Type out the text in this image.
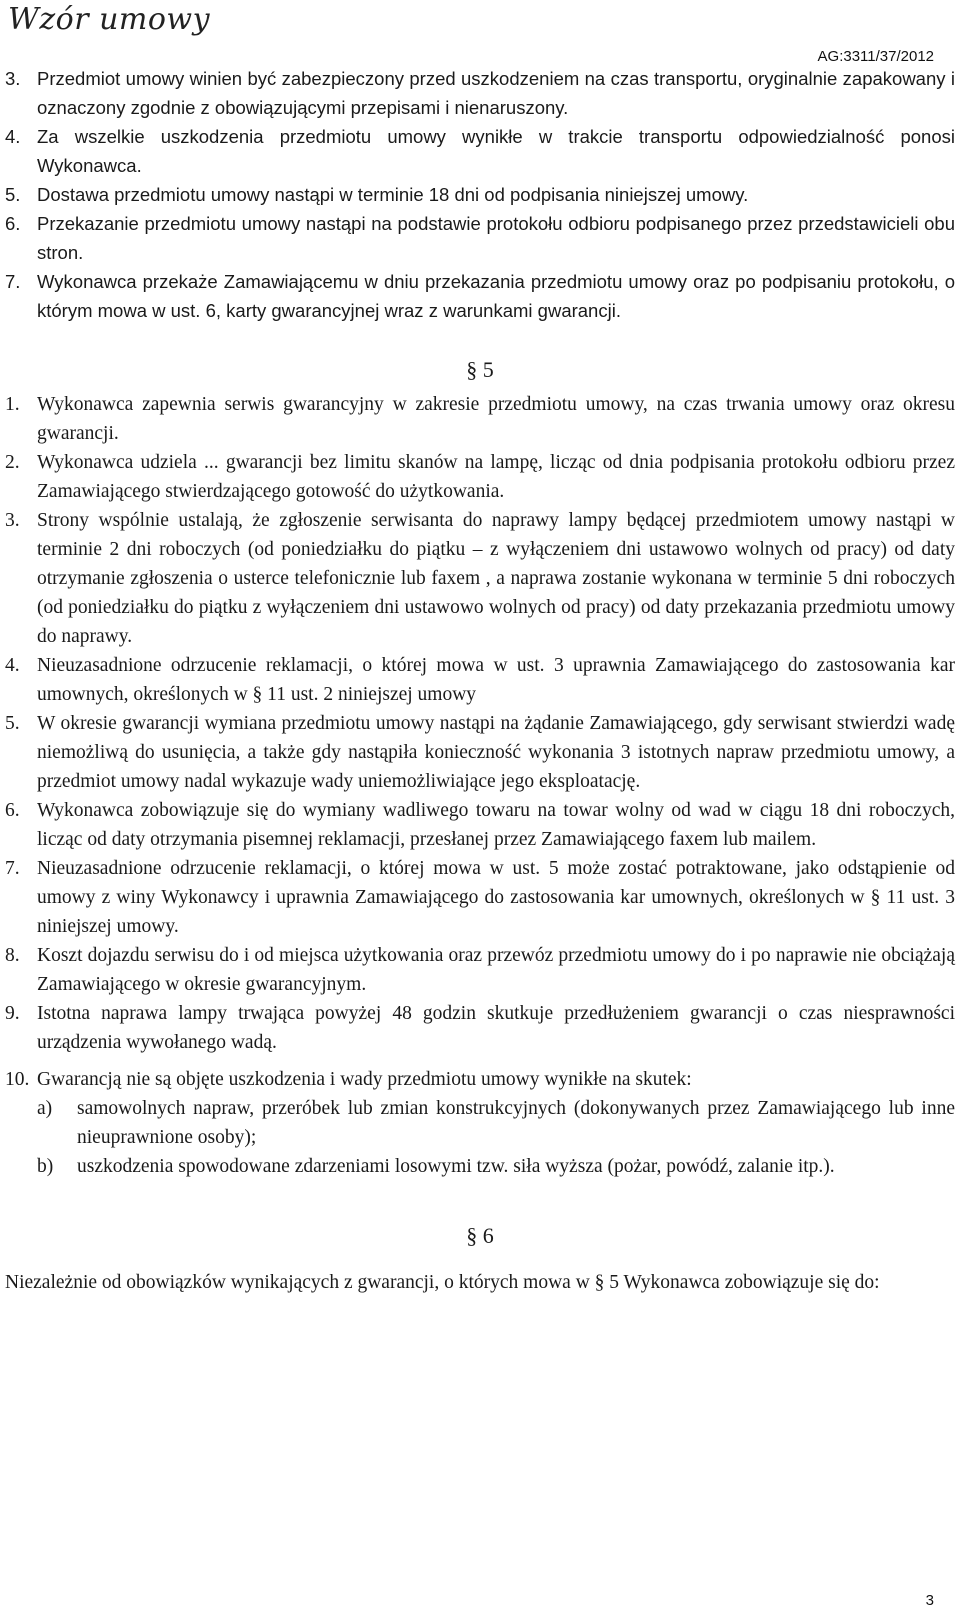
Wzór umowy
AG:3311/37/2012
3. Przedmiot umowy winien być zabezpieczony przed uszkodzeniem na czas transportu, oryginalnie zapakowany i oznaczony zgodnie z obowiązującymi przepisami i nienaruszony.
4. Za wszelkie uszkodzenia przedmiotu umowy wynikłe w trakcie transportu odpowiedzialność ponosi Wykonawca.
5. Dostawa przedmiotu umowy nastąpi w terminie 18 dni od podpisania niniejszej umowy.
6. Przekazanie przedmiotu umowy nastąpi na podstawie protokołu odbioru podpisanego przez przedstawicieli obu stron.
7. Wykonawca przekaże Zamawiającemu w dniu przekazania przedmiotu umowy oraz po podpisaniu protokołu, o którym mowa w ust. 6, karty gwarancyjnej wraz z warunkami gwarancji.
§ 5
1. Wykonawca zapewnia serwis gwarancyjny w zakresie przedmiotu umowy, na czas trwania umowy oraz okresu gwarancji.
2. Wykonawca udziela ... gwarancji bez limitu skanów na lampę, licząc od dnia podpisania protokołu odbioru przez Zamawiającego stwierdzającego gotowość do użytkowania.
3. Strony wspólnie ustalają, że zgłoszenie serwisanta do naprawy lampy będącej przedmiotem umowy nastąpi w terminie 2 dni roboczych (od poniedziałku do piątku – z wyłączeniem dni ustawowo wolnych od pracy) od daty otrzymanie zgłoszenia o usterce telefonicznie lub faxem , a naprawa zostanie wykonana w terminie 5 dni roboczych (od poniedziałku do piątku z wyłączeniem dni ustawowo wolnych od pracy) od daty przekazania przedmiotu umowy do naprawy.
4. Nieuzasadnione odrzucenie reklamacji, o której mowa w ust. 3 uprawnia Zamawiającego do zastosowania kar umownych, określonych w § 11 ust. 2 niniejszej umowy
5. W okresie gwarancji wymiana przedmiotu umowy nastąpi na żądanie Zamawiającego, gdy serwisant stwierdzi wadę niemożliwą do usunięcia, a także gdy nastąpiła konieczność wykonania 3 istotnych napraw przedmiotu umowy, a przedmiot umowy nadal wykazuje wady uniemożliwiające jego eksploatację.
6. Wykonawca zobowiązuje się do wymiany wadliwego towaru na towar wolny od wad w ciągu 18 dni roboczych, licząc od daty otrzymania pisemnej reklamacji, przesłanej przez Zamawiającego faxem lub mailem.
7. Nieuzasadnione odrzucenie reklamacji, o której mowa w ust. 5 może zostać potraktowane, jako odstąpienie od umowy z winy Wykonawcy i uprawnia Zamawiającego do zastosowania kar umownych, określonych w § 11 ust. 3 niniejszej umowy.
8. Koszt dojazdu serwisu do i od miejsca użytkowania oraz przewóz przedmiotu umowy do i po naprawie nie obciążają Zamawiającego w okresie gwarancyjnym.
9. Istotna naprawa lampy trwająca powyżej 48 godzin skutkuje przedłużeniem gwarancji o czas niesprawności urządzenia wywołanego wadą.
10. Gwarancją nie są objęte uszkodzenia i wady przedmiotu umowy wynikłe na skutek:
a)	samowolnych napraw, przeróbek lub zmian konstrukcyjnych (dokonywanych przez Zamawiającego lub inne nieuprawnione osoby);
b)	uszkodzenia spowodowane zdarzeniami losowymi tzw. siła wyższa (pożar, powódź, zalanie itp.).
§ 6
Niezależnie od obowiązków wynikających z gwarancji, o których mowa w § 5 Wykonawca zobowiązuje się do:
3
